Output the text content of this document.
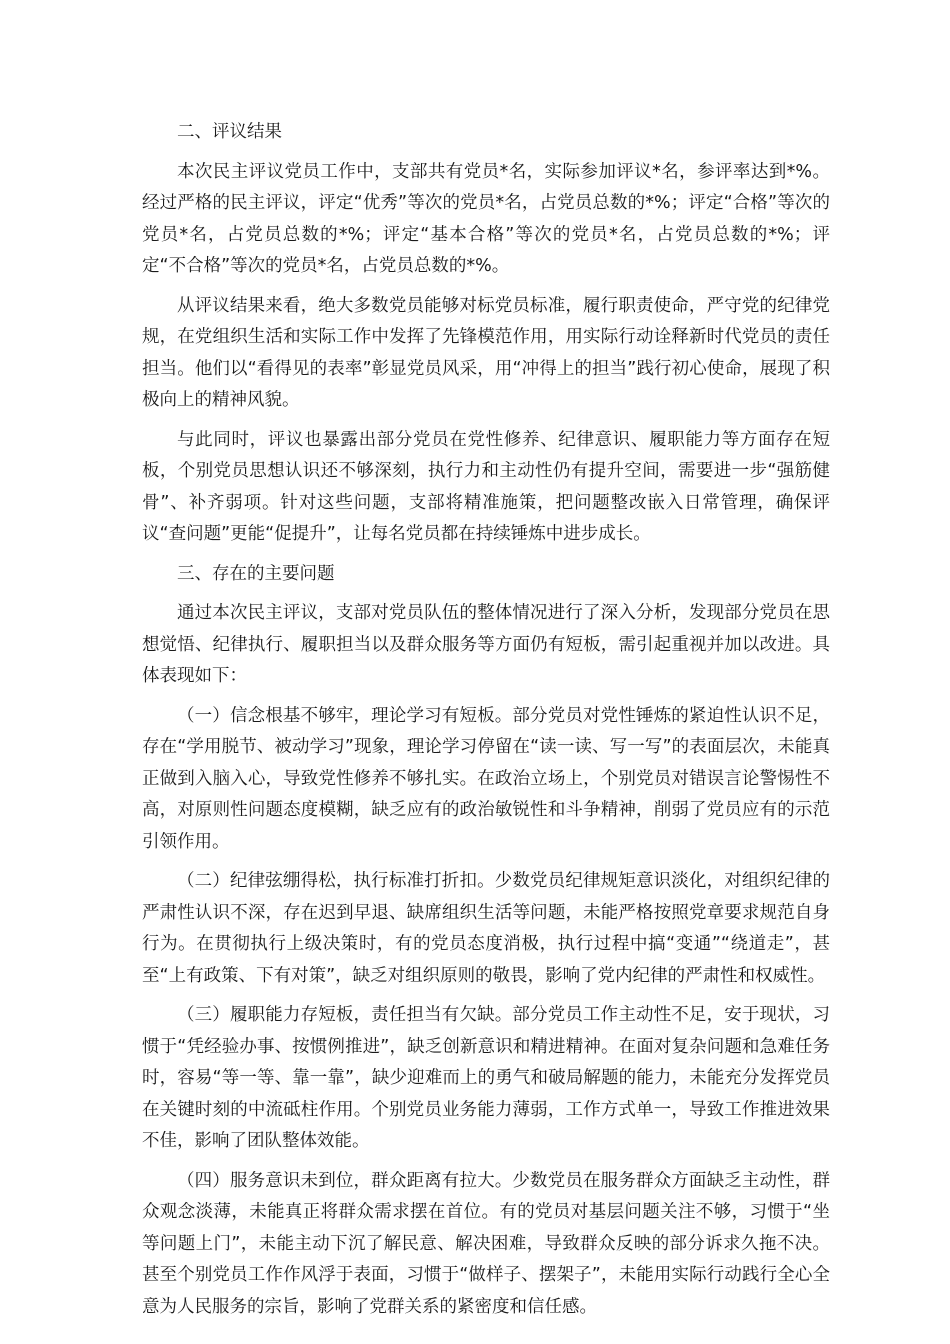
二、评议结果

本次民主评议党员工作中，支部共有党员*名，实际参加评议*名，参评率达到*%。经过严格的民主评议，评定“优秀”等次的党员*名，占党员总数的*%；评定“合格”等次的党员*名，占党员总数的*%；评定“基本合格”等次的党员*名，占党员总数的*%；评定“不合格”等次的党员*名，占党员总数的*%。

从评议结果来看，绝大多数党员能够对标党员标准，履行职责使命，严守党的纪律党规，在党组织生活和实际工作中发挥了先锋模范作用，用实际行动诠释新时代党员的责任担当。他们以“看得见的表率”彰显党员风采，用“冲得上的担当”践行初心使命，展现了积极向上的精神风貌。

与此同时，评议也暴露出部分党员在党性修养、纪律意识、履职能力等方面存在短板，个别党员思想认识还不够深刻，执行力和主动性仍有提升空间，需要进一步“强筋健骨”、补齐弱项。针对这些问题，支部将精准施策，把问题整改嵌入日常管理，确保评议“查问题”更能“促提升”，让每名党员都在持续锤炼中进步成长。

三、存在的主要问题

通过本次民主评议，支部对党员队伍的整体情况进行了深入分析，发现部分党员在思想觉悟、纪律执行、履职担当以及群众服务等方面仍有短板，需引起重视并加以改进。具体表现如下：

（一）信念根基不够牢，理论学习有短板。部分党员对党性锤炼的紧迫性认识不足，存在“学用脱节、被动学习”现象，理论学习停留在“读一读、写一写”的表面层次，未能真正做到入脑入心，导致党性修养不够扎实。在政治立场上，个别党员对错误言论警惕性不高，对原则性问题态度模糊，缺乏应有的政治敏锐性和斗争精神，削弱了党员应有的示范引领作用。

（二）纪律弦绷得松，执行标准打折扣。少数党员纪律规矩意识淡化，对组织纪律的严肃性认识不深，存在迟到早退、缺席组织生活等问题，未能严格按照党章要求规范自身行为。在贯彻执行上级决策时，有的党员态度消极，执行过程中搞“变通”“绕道走”，甚至“上有政策、下有对策”，缺乏对组织原则的敬畏，影响了党内纪律的严肃性和权威性。

（三）履职能力存短板，责任担当有欠缺。部分党员工作主动性不足，安于现状，习惯于“凭经验办事、按惯例推进”，缺乏创新意识和精进精神。在面对复杂问题和急难任务时，容易“等一等、靠一靠”，缺少迎难而上的勇气和破局解题的能力，未能充分发挥党员在关键时刻的中流砥柱作用。个别党员业务能力薄弱，工作方式单一，导致工作推进效果不佳，影响了团队整体效能。

（四）服务意识未到位，群众距离有拉大。少数党员在服务群众方面缺乏主动性，群众观念淡薄，未能真正将群众需求摆在首位。有的党员对基层问题关注不够，习惯于“坐等问题上门”，未能主动下沉了解民意、解决困难，导致群众反映的部分诉求久拖不决。甚至个别党员工作作风浮于表面，习惯于“做样子、摆架子”，未能用实际行动践行全心全意为人民服务的宗旨，影响了党群关系的紧密度和信任感。
